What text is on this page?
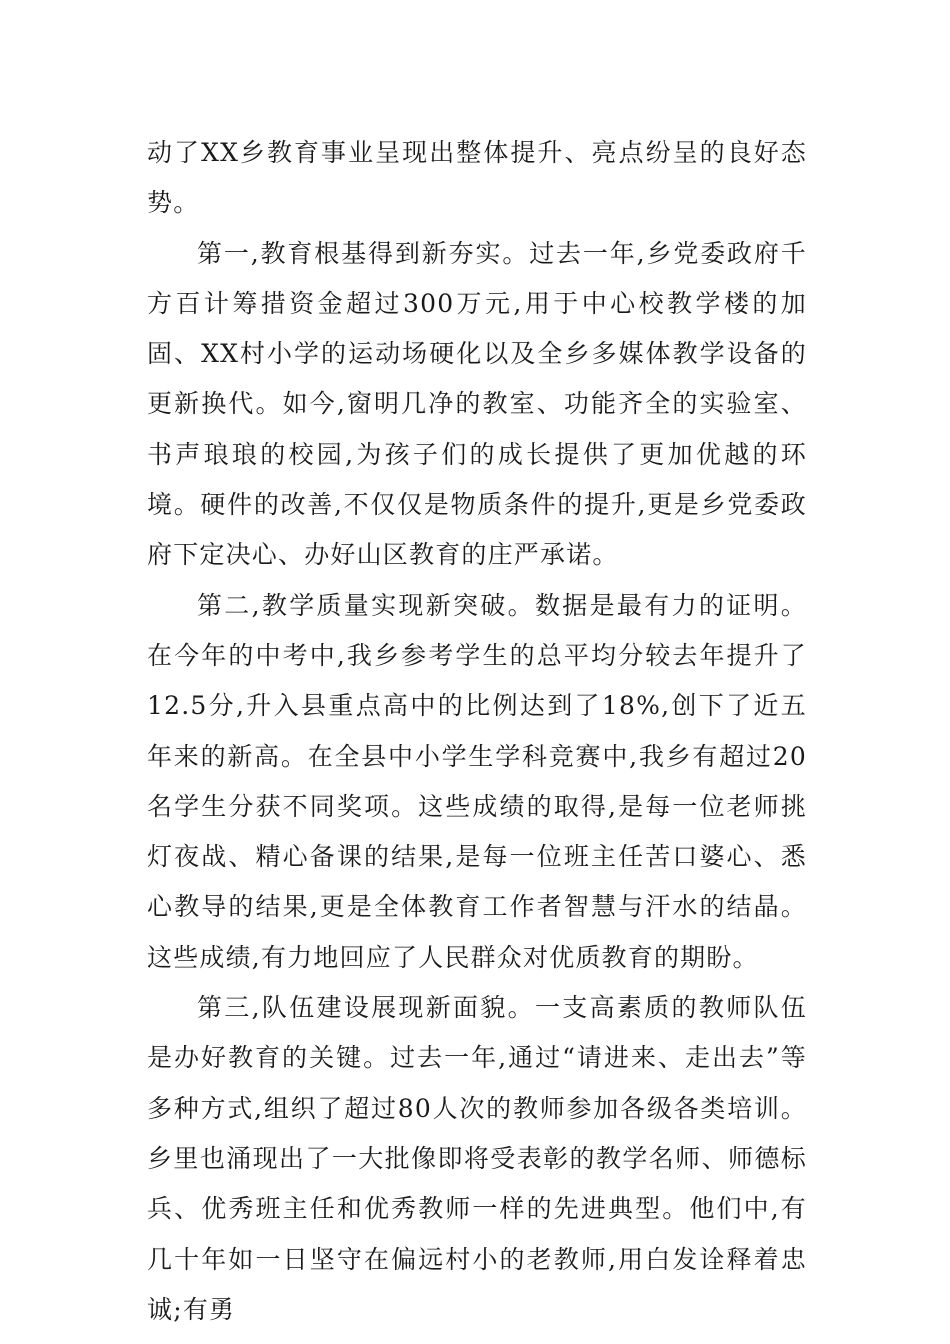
动了XX乡教育事业呈现出整体提升、亮点纷呈的良好态势。

第一,教育根基得到新夯实。过去一年,乡党委政府千方百计筹措资金超过300万元,用于中心校教学楼的加固、XX村小学的运动场硬化以及全乡多媒体教学设备的更新换代。如今,窗明几净的教室、功能齐全的实验室、书声琅琅的校园,为孩子们的成长提供了更加优越的环境。硬件的改善,不仅仅是物质条件的提升,更是乡党委政府下定决心、办好山区教育的庄严承诺。

第二,教学质量实现新突破。数据是最有力的证明。在今年的中考中,我乡参考学生的总平均分较去年提升了12.5分,升入县重点高中的比例达到了18%,创下了近五年来的新高。在全县中小学生学科竞赛中,我乡有超过20名学生分获不同奖项。这些成绩的取得,是每一位老师挑灯夜战、精心备课的结果,是每一位班主任苦口婆心、悉心教导的结果,更是全体教育工作者智慧与汗水的结晶。这些成绩,有力地回应了人民群众对优质教育的期盼。

第三,队伍建设展现新面貌。一支高素质的教师队伍是办好教育的关键。过去一年,通过“请进来、走出去”等多种方式,组织了超过80人次的教师参加各级各类培训。乡里也涌现出了一大批像即将受表彰的教学名师、师德标兵、优秀班主任和优秀教师一样的先进典型。他们中,有几十年如一日坚守在偏远村小的老教师,用白发诠释着忠诚;有勇
